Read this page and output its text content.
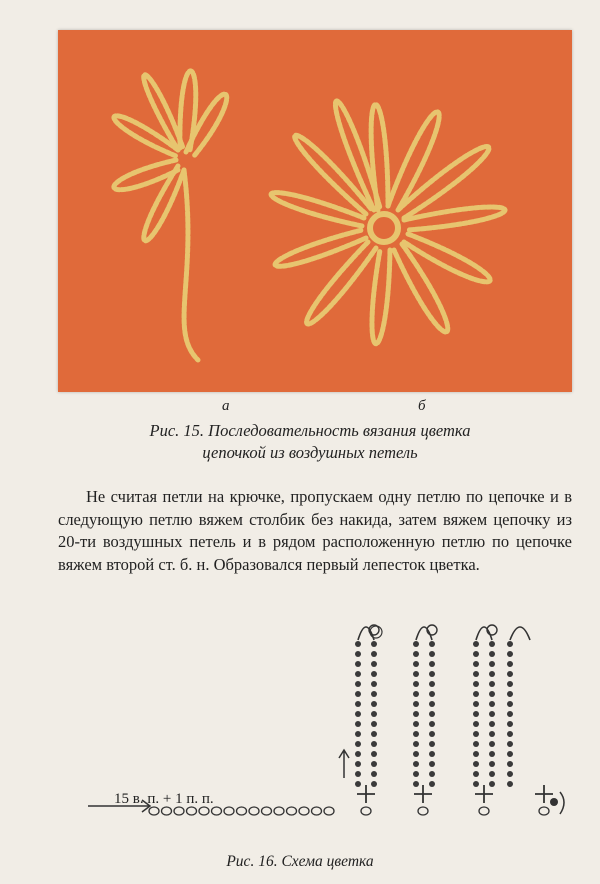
а	б
Рис. 15. Последовательность вязания цветка
цепочкой из воздушных петель
Не считая петли на крючке, пропускаем одну петлю по цепочке и в следующую петлю вяжем столбик без накида, затем вяжем цепочку из 20-ти воздушных петель и в рядом расположенную петлю по цепочке вяжем второй ст. б. н. Образовался первый лепесток цветка.
15 в. п. + 1 п. п.
Рис. 16. Схема цветка
